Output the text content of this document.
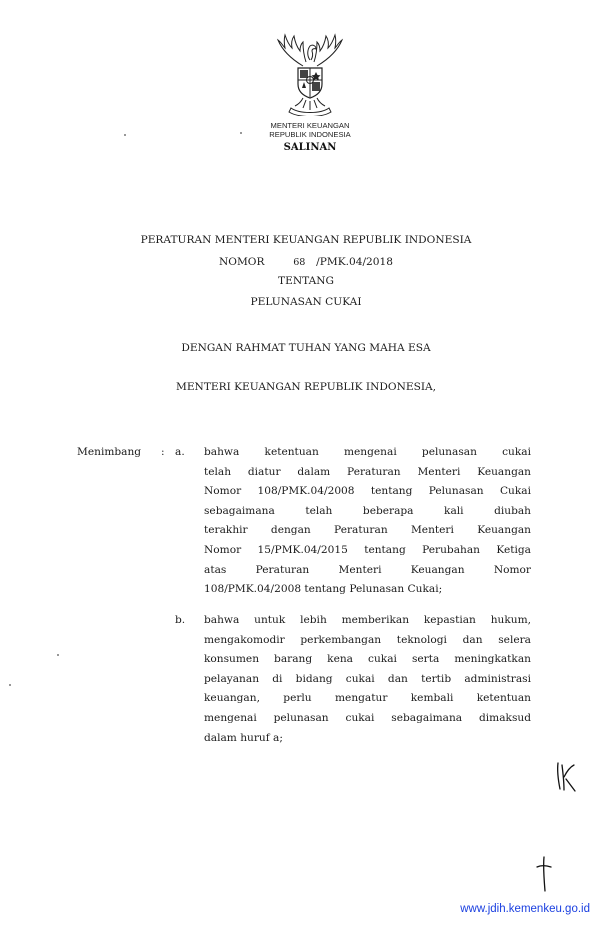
MENTERI KEUANGAN
REPUBLIK INDONESIA
SALINAN
PERATURAN MENTERI KEUANGAN REPUBLIK INDONESIA
NOMOR	68 /PMK.04/2018
TENTANG
PELUNASAN CUKAI
DENGAN RAHMAT TUHAN YANG MAHA ESA
MENTERI KEUANGAN REPUBLIK INDONESIA,
Menimbang : a. bahwa ketentuan mengenai pelunasan cukai
telah diatur dalam Peraturan Menteri Keuangan
Nomor 108/PMK.04/2008 tentang Pelunasan Cukai
sebagaimana telah beberapa kali diubah
terakhir dengan Peraturan Menteri Keuangan
Nomor 15/PMK.04/2015 tentang Perubahan Ketiga
atas Peraturan Menteri Keuangan Nomor
108/PMK.04/2008 tentang Pelunasan Cukai;
b. bahwa untuk lebih memberikan kepastian hukum,
mengakomodir perkembangan teknologi dan selera
konsumen barang kena cukai serta meningkatkan
pelayanan di bidang cukai dan tertib administrasi
keuangan, perlu mengatur kembali ketentuan
mengenai pelunasan cukai sebagaimana dimaksud
dalam huruf a;
www.jdih.kemenkeu.go.id
